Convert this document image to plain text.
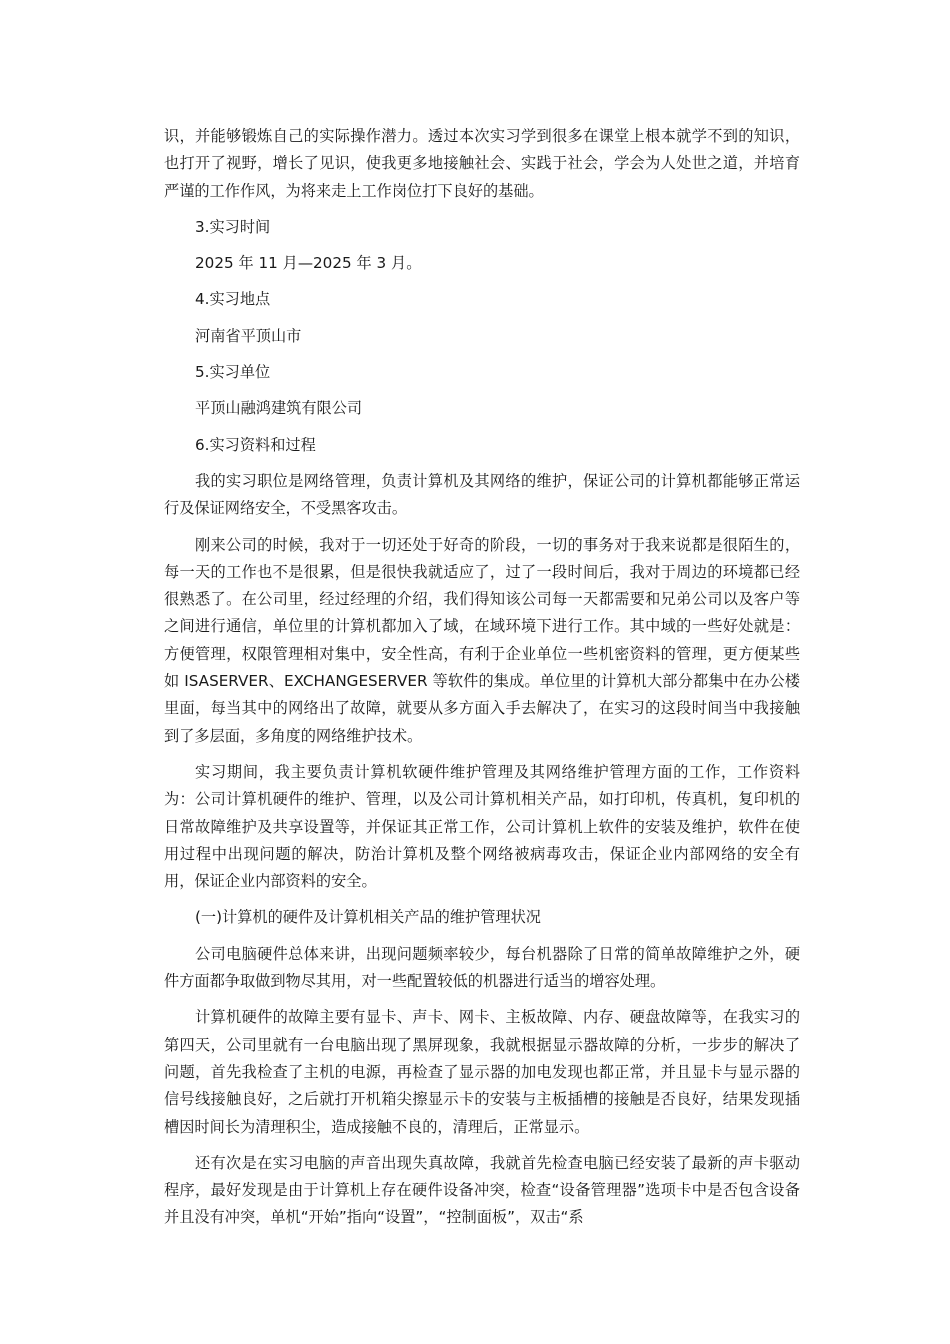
识，并能够锻炼自己的实际操作潜力。透过本次实习学到很多在课堂上根本就学不到的知识，也打开了视野，增长了见识，使我更多地接触社会、实践于社会，学会为人处世之道，并培育严谨的工作作风，为将来走上工作岗位打下良好的基础。

3.实习时间

2025 年 11 月—2025 年 3 月。

4.实习地点

河南省平顶山市

5.实习单位

平顶山融鸿建筑有限公司

6.实习资料和过程

我的实习职位是网络管理，负责计算机及其网络的维护，保证公司的计算机都能够正常运行及保证网络安全，不受黑客攻击。

刚来公司的时候，我对于一切还处于好奇的阶段，一切的事务对于我来说都是很陌生的，每一天的工作也不是很累，但是很快我就适应了，过了一段时间后，我对于周边的环境都已经很熟悉了。在公司里，经过经理的介绍，我们得知该公司每一天都需要和兄弟公司以及客户等之间进行通信，单位里的计算机都加入了域，在域环境下进行工作。其中域的一些好处就是：方便管理，权限管理相对集中，安全性高，有利于企业单位一些机密资料的管理，更方便某些如 ISASERVER、EXCHANGESERVER 等软件的集成。单位里的计算机大部分都集中在办公楼里面，每当其中的网络出了故障，就要从多方面入手去解决了，在实习的这段时间当中我接触到了多层面，多角度的网络维护技术。

实习期间，我主要负责计算机软硬件维护管理及其网络维护管理方面的工作，工作资料为：公司计算机硬件的维护、管理，以及公司计算机相关产品，如打印机，传真机，复印机的日常故障维护及共享设置等，并保证其正常工作，公司计算机上软件的安装及维护，软件在使用过程中出现问题的解决，防治计算机及整个网络被病毒攻击，保证企业内部网络的安全有用，保证企业内部资料的安全。

(一)计算机的硬件及计算机相关产品的维护管理状况

公司电脑硬件总体来讲，出现问题频率较少，每台机器除了日常的简单故障维护之外，硬件方面都争取做到物尽其用，对一些配置较低的机器进行适当的增容处理。

计算机硬件的故障主要有显卡、声卡、网卡、主板故障、内存、硬盘故障等，在我实习的第四天，公司里就有一台电脑出现了黑屏现象，我就根据显示器故障的分析，一步步的解决了问题，首先我检查了主机的电源，再检查了显示器的加电发现也都正常，并且显卡与显示器的信号线接触良好，之后就打开机箱尖擦显示卡的安装与主板插槽的接触是否良好，结果发现插槽因时间长为清理积尘，造成接触不良的，清理后，正常显示。

还有次是在实习电脑的声音出现失真故障，我就首先检查电脑已经安装了最新的声卡驱动程序，最好发现是由于计算机上存在硬件设备冲突，检查“设备管理器”选项卡中是否包含设备并且没有冲突，单机“开始”指向“设置”，“控制面板”，双击“系
